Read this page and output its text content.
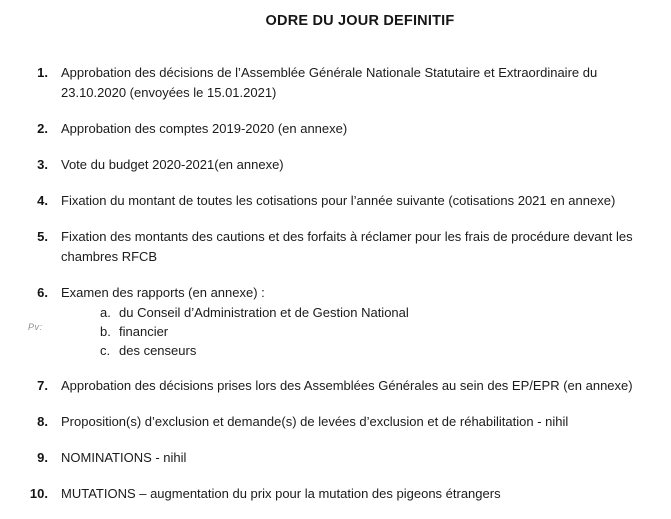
ODRE DU JOUR DEFINITIF
Pv:
1. Approbation des décisions de l’Assemblée Générale Nationale Statutaire et Extraordinaire du 23.10.2020 (envoyées le 15.01.2021)
2. Approbation des comptes 2019-2020 (en annexe)
3. Vote du budget 2020-2021(en annexe)
4. Fixation du montant de toutes les cotisations pour l’année suivante (cotisations 2021 en annexe)
5. Fixation des montants des cautions et des forfaits à réclamer pour les frais de procédure devant les chambres RFCB
6. Examen des rapports (en annexe) :
a. du Conseil d’Administration et de Gestion National
b. financier
c. des censeurs
7. Approbation des décisions prises lors des Assemblées Générales au sein des EP/EPR (en annexe)
8. Proposition(s) d’exclusion et demande(s) de levées d’exclusion et de réhabilitation - nihil
9. NOMINATIONS - nihil
10. MUTATIONS – augmentation du prix pour la mutation des pigeons étrangers
